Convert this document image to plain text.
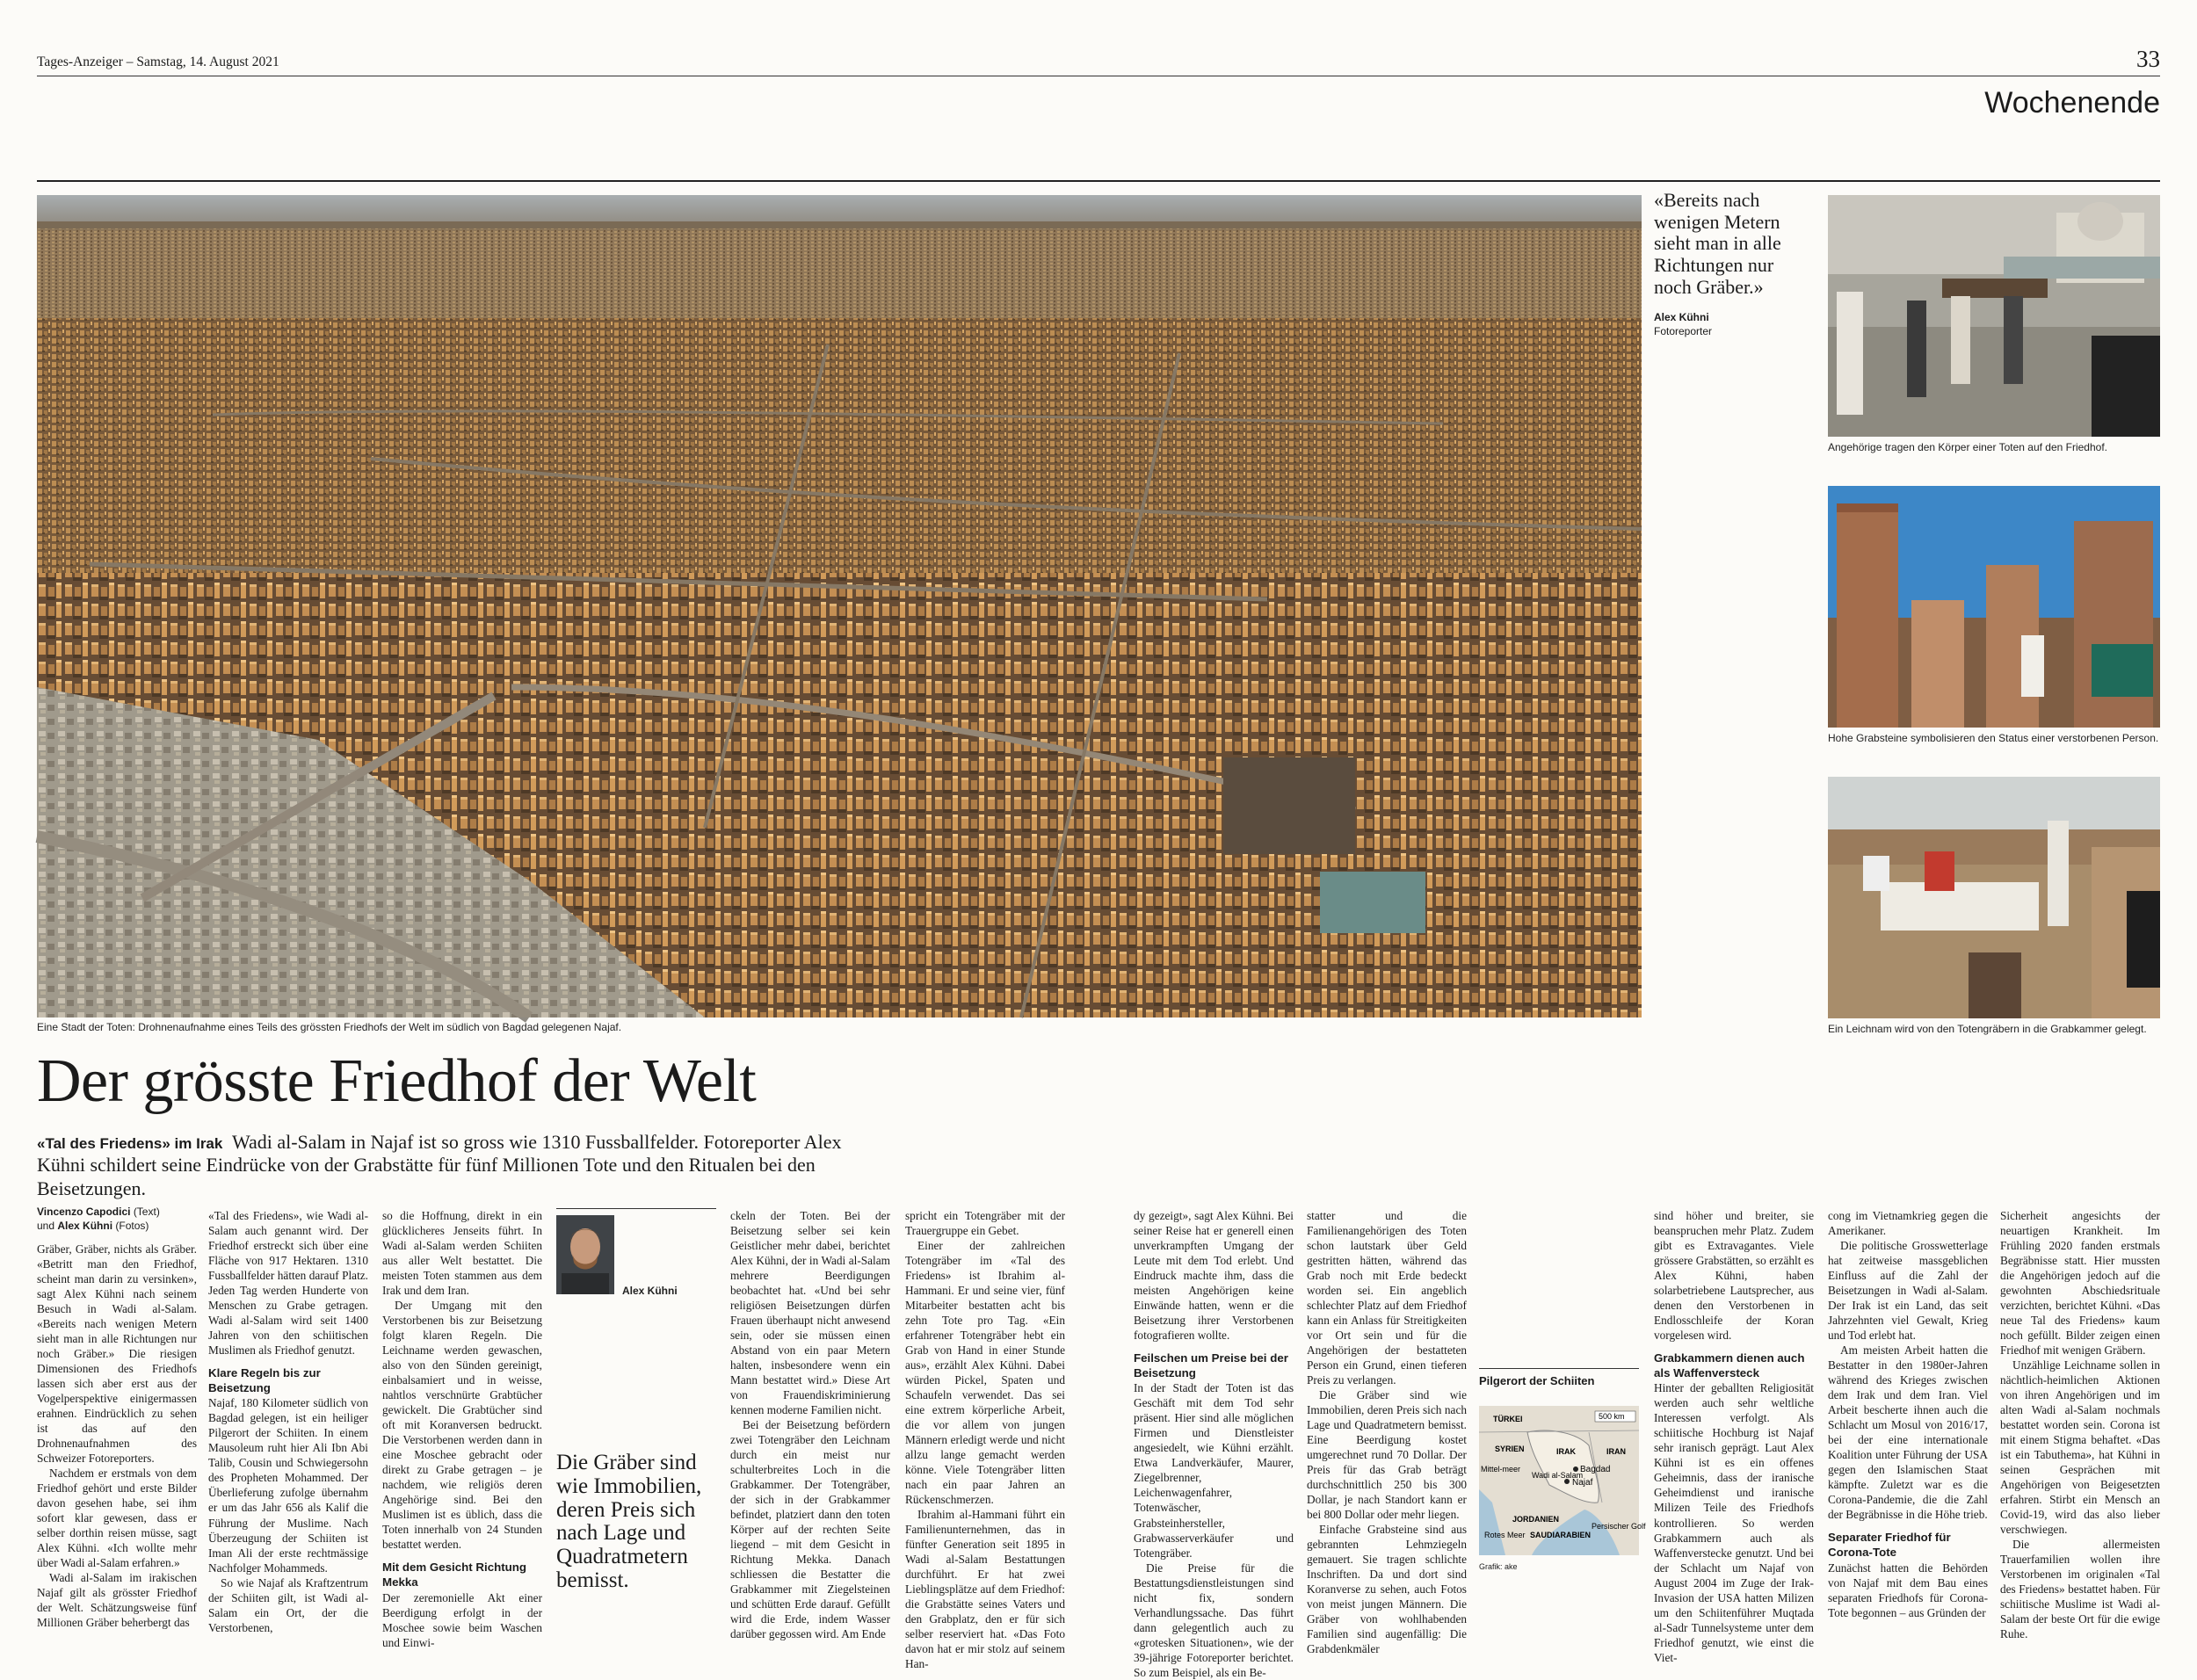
Tages-Anzeiger – Samstag, 14. August 2021	33
Wochenende
Eine Stadt der Toten: Drohnenaufnahme eines Teils des grössten Friedhofs der Welt im südlich von Bagdad gelegenen Najaf.
«Bereits nach wenigen Metern sieht man in alle Richtungen nur noch Gräber.»
Alex Kühni
Fotoreporter
Angehörige tragen den Körper einer Toten auf den Friedhof.
Hohe Grabsteine symbolisieren den Status einer verstorbenen Person.
Ein Leichnam wird von den Totengräbern in die Grabkammer gelegt.
Der grösste Friedhof der Welt
«Tal des Friedens» im Irak Wadi al-Salam in Najaf ist so gross wie 1310 Fussballfelder. Fotoreporter Alex Kühni schildert seine Eindrücke von der Grabstätte für fünf Millionen Tote und den Ritualen bei den Beisetzungen.
Vincenzo Capodici (Text)
und Alex Kühni (Fotos)
Alex Kühni
Die Gräber sind wie Immobilien, deren Preis sich nach Lage und Quadratmetern bemisst.
Pilgerort der Schiiten
TÜRKEI
SYRIEN	IRAK	IRAN
Bagdad
Najaf
Wadi al-Salam
Mittel-meer
JORDANIEN
SAUDIARABIEN
Persischer Golf
Rotes Meer
500 km
Grafik: ake

Gräber, Gräber, nichts als Gräber. «Betritt man den Friedhof, scheint man darin zu versinken», sagt Alex Kühni nach seinem Besuch in Wadi al-Salam. «Bereits nach wenigen Metern sieht man in alle Richtungen nur noch Gräber.» Die riesigen Dimensionen des Friedhofs lassen sich aber erst aus der Vogelperspektive einigermassen erahnen. Eindrücklich zu sehen ist das auf den Drohnenaufnahmen des Schweizer Fotoreporters.

Nachdem er erstmals von dem Friedhof gehört und erste Bilder davon gesehen habe, sei ihm sofort klar gewesen, dass er selber dorthin reisen müsse, sagt Alex Kühni. «Ich wollte mehr über Wadi al-Salam erfahren.»

Wadi al-Salam im irakischen Najaf gilt als grösster Friedhof der Welt. Schätzungsweise fünf Millionen Gräber beherbergt das

«Tal des Friedens», wie Wadi al-Salam auch genannt wird. Der Friedhof erstreckt sich über eine Fläche von 917 Hektaren. 1310 Fussballfelder hätten darauf Platz. Jeden Tag werden Hunderte von Menschen zu Grabe getragen. Wadi al-Salam wird seit 1400 Jahren von den schiitischen Muslimen als Friedhof genutzt.

Klare Regeln bis zur Beisetzung

Najaf, 180 Kilometer südlich von Bagdad gelegen, ist ein heiliger Pilgerort der Schiiten. In einem Mausoleum ruht hier Ali Ibn Abi Talib, Cousin und Schwiegersohn des Propheten Mohammed. Der Überlieferung zufolge übernahm er um das Jahr 656 als Kalif die Führung der Muslime. Nach Überzeugung der Schiiten ist Iman Ali der erste rechtmässige Nachfolger Mohammeds.

So wie Najaf als Kraftzentrum der Schiiten gilt, ist Wadi al-Salam ein Ort, der die Verstorbenen,

so die Hoffnung, direkt in ein glücklicheres Jenseits führt. In Wadi al-Salam werden Schiiten aus aller Welt bestattet. Die meisten Toten stammen aus dem Irak und dem Iran.

Der Umgang mit den Verstorbenen bis zur Beisetzung folgt klaren Regeln. Die Leichname werden gewaschen, also von den Sünden gereinigt, einbalsamiert und in weisse, nahtlos verschnürte Grabtücher gewickelt. Die Grabtücher sind oft mit Koranversen bedruckt. Die Verstorbenen werden dann in eine Moschee gebracht oder direkt zu Grabe getragen – je nachdem, wie religiös deren Angehörige sind. Bei den Muslimen ist es üblich, dass die Toten innerhalb von 24 Stunden bestattet werden.

Mit dem Gesicht Richtung Mekka

Der zeremonielle Akt einer Beerdigung erfolgt in der Moschee sowie beim Waschen und Einwi-

ckeln der Toten. Bei der Beisetzung selber sei kein Geistlicher mehr dabei, berichtet Alex Kühni, der in Wadi al-Salam mehrere Beerdigungen beobachtet hat. «Und bei sehr religiösen Beisetzungen dürfen Frauen überhaupt nicht anwesend sein, oder sie müssen einen Abstand von ein paar Metern halten, insbesondere wenn ein Mann bestattet wird.» Diese Art von Frauendiskriminierung kennen moderne Familien nicht.

Bei der Beisetzung befördern zwei Totengräber den Leichnam durch ein meist nur schulterbreites Loch in die Grabkammer. Der Totengräber, der sich in der Grabkammer befindet, platziert dann den toten Körper auf der rechten Seite liegend – mit dem Gesicht in Richtung Mekka. Danach schliessen die Bestatter die Grabkammer mit Ziegelsteinen und schütten Erde darauf. Gefüllt wird die Erde, indem Wasser darüber gegossen wird. Am Ende

spricht ein Totengräber mit der Trauergruppe ein Gebet.

Einer der zahlreichen Totengräber im «Tal des Friedens» ist Ibrahim al-Hammani. Er und seine vier, fünf Mitarbeiter bestatten acht bis zehn Tote pro Tag. «Ein erfahrener Totengräber hebt ein Grab von Hand in einer Stunde aus», erzählt Alex Kühni. Dabei würden Pickel, Spaten und Schaufeln verwendet. Das sei eine extrem körperliche Arbeit, die vor allem von jungen Männern erledigt werde und nicht allzu lange gemacht werden könne. Viele Totengräber litten nach ein paar Jahren an Rückenschmerzen.

Ibrahim al-Hammani führt ein Familienunternehmen, das in fünfter Generation seit 1895 in Wadi al-Salam Bestattungen durchführt. Er hat zwei Lieblingsplätze auf dem Friedhof: die Grabstätte seines Vaters und den Grabplatz, den er für sich selber reserviert hat. «Das Foto davon hat er mir stolz auf seinem Han-

dy gezeigt», sagt Alex Kühni. Bei seiner Reise hat er generell einen unverkrampften Umgang der Leute mit dem Tod erlebt. Und Eindruck machte ihm, dass die meisten Angehörigen keine Einwände hatten, wenn er die Beisetzung ihrer Verstorbenen fotografieren wollte.

Feilschen um Preise bei der Beisetzung

In der Stadt der Toten ist das Geschäft mit dem Tod sehr präsent. Hier sind alle möglichen Firmen und Dienstleister angesiedelt, wie Kühni erzählt. Etwa Landverkäufer, Maurer, Ziegelbrenner, Leichenwagenfahrer, Totenwäscher, Grabsteinhersteller, Grabwasserverkäufer und Totengräber.

Die Preise für die Bestattungsdienstleistungen sind nicht fix, sondern Verhandlungssache. Das führt dann gelegentlich auch zu «grotesken Situationen», wie der 39-jährige Fotoreporter berichtet. So zum Beispiel, als ein Be-

statter und die Familienangehörigen des Toten schon lautstark über Geld gestritten hätten, während das Grab noch mit Erde bedeckt worden sei. Ein angeblich schlechter Platz auf dem Friedhof kann ein Anlass für Streitigkeiten vor Ort sein und für die Angehörigen der bestatteten Person ein Grund, einen tieferen Preis zu verlangen.

Die Gräber sind wie Immobilien, deren Preis sich nach Lage und Quadratmetern bemisst. Eine Beerdigung kostet umgerechnet rund 70 Dollar. Der Preis für das Grab beträgt durchschnittlich 250 bis 300 Dollar, je nach Standort kann er bei 800 Dollar oder mehr liegen.

Einfache Grabsteine sind aus gebrannten Lehmziegeln gemauert. Sie tragen schlichte Inschriften. Da und dort sind Koranverse zu sehen, auch Fotos von meist jungen Männern. Die Gräber von wohlhabenden Familien sind augenfällig: Die Grabdenkmäler

sind höher und breiter, sie beanspruchen mehr Platz. Zudem gibt es Extravagantes. Viele grössere Grabstätten, so erzählt es Alex Kühni, haben solarbetriebene Lautsprecher, aus denen den Verstorbenen in Endlosschleife der Koran vorgelesen wird.

Grabkammern dienen auch als Waffenversteck

Hinter der geballten Religiosität werden auch sehr weltliche Interessen verfolgt. Als schiitische Hochburg ist Najaf sehr iranisch geprägt. Laut Alex Kühni ist es ein offenes Geheimnis, dass der iranische Geheimdienst und iranische Milizen Teile des Friedhofs kontrollieren. So werden Grabkammern auch als Waffenverstecke genutzt. Und bei der Schlacht um Najaf von August 2004 im Zuge der Irak-Invasion der USA hatten Milizen um den Schiitenführer Muqtada al-Sadr Tunnelsysteme unter dem Friedhof genutzt, wie einst die Viet-

cong im Vietnamkrieg gegen die Amerikaner.

Die politische Grosswetterlage hat zeitweise massgeblichen Einfluss auf die Zahl der Beisetzungen in Wadi al-Salam. Der Irak ist ein Land, das seit Jahrzehnten viel Gewalt, Krieg und Tod erlebt hat.

Am meisten Arbeit hatten die Bestatter in den 1980er-Jahren während des Krieges zwischen dem Irak und dem Iran. Viel Arbeit bescherte ihnen auch die Schlacht um Mosul von 2016/17, bei der eine internationale Koalition unter Führung der USA gegen den Islamischen Staat kämpfte. Zuletzt war es die Corona-Pandemie, die die Zahl der Begräbnisse in die Höhe trieb.

Separater Friedhof für Corona-Tote

Zunächst hatten die Behörden von Najaf mit dem Bau eines separaten Friedhofs für Corona-Tote begonnen – aus Gründen der

Sicherheit angesichts der neuartigen Krankheit. Im Frühling 2020 fanden erstmals Begräbnisse statt. Hier mussten die Angehörigen jedoch auf die gewohnten Abschiedsrituale verzichten, berichtet Kühni. «Das neue Tal des Friedens» kaum noch gefüllt. Bilder zeigen einen Friedhof mit wenigen Gräbern.

Unzählige Leichname sollen in nächtlich-heimlichen Aktionen von ihren Angehörigen und im alten Wadi al-Salam nochmals bestattet worden sein. Corona ist mit einem Stigma behaftet. «Das ist ein Tabuthema», hat Kühni in seinen Gesprächen mit Angehörigen von Beigesetzten erfahren. Stirbt ein Mensch an Covid-19, wird das also lieber verschwiegen.

Die allermeisten Trauerfamilien wollen ihre Verstorbenen im originalen «Tal des Friedens» bestattet haben. Für schiitische Muslime ist Wadi al-Salam der beste Ort für die ewige Ruhe.
